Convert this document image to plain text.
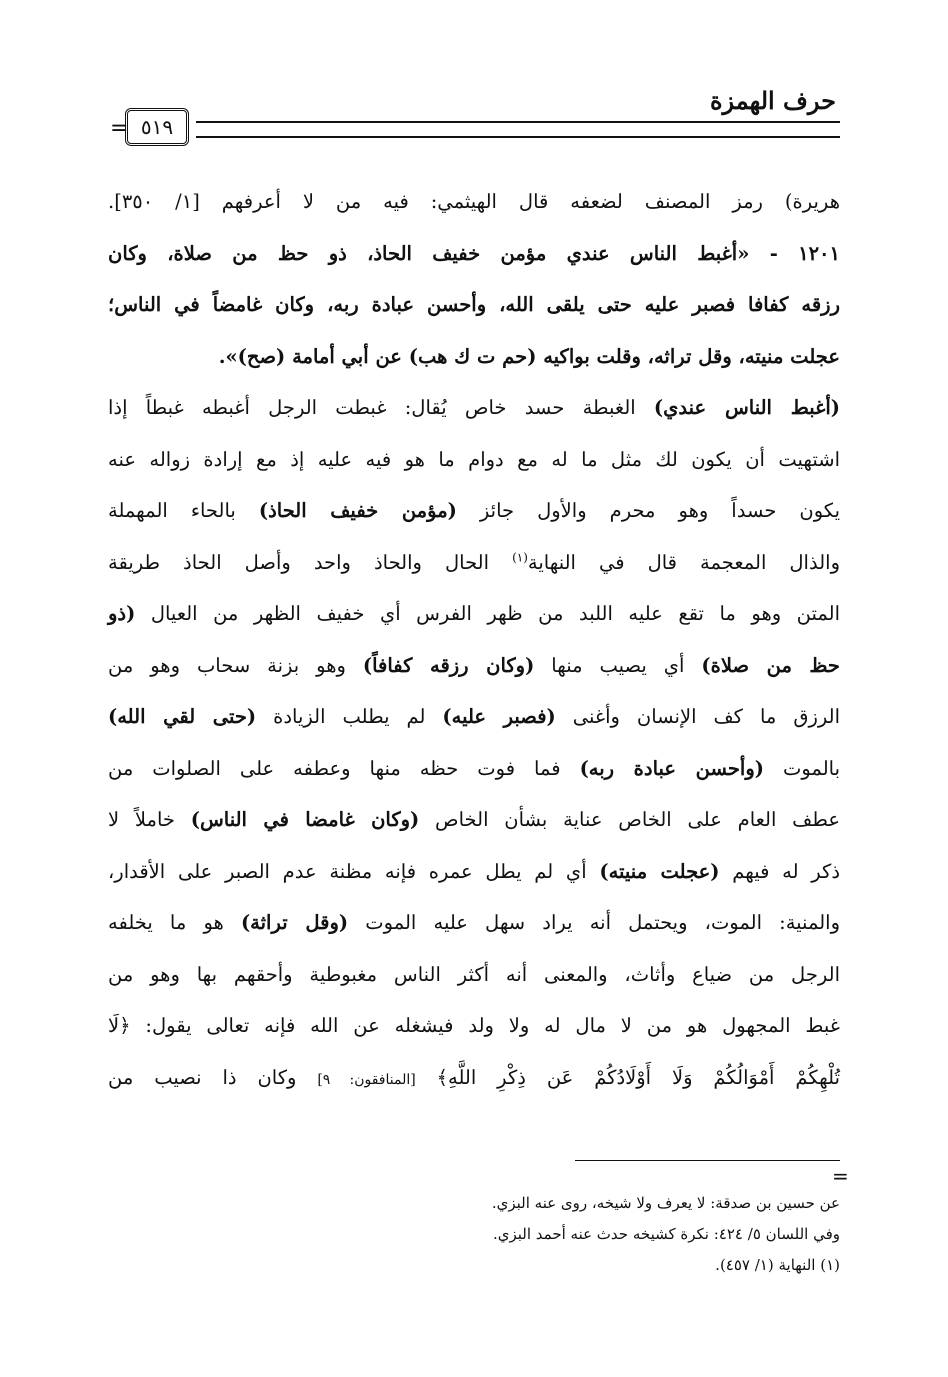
حرف الهمزة
= ٥١٩
هريرة) رمز المصنف لضعفه قال الهيثمي: فيه من لا أعرفهم [١/ ٣٥٠].
١٢٠١ - «أغبط الناس عندي مؤمن خفيف الحاذ، ذو حظ من صلاة، وكان
رزقه كفافا فصبر عليه حتى يلقى الله، وأحسن عبادة ربه، وكان غامضاً في الناس؛
عجلت منيته، وقل تراثه، وقلت بواكيه (حم ت ك هب) عن أبي أمامة (صح)».
(أغبط الناس عندي) الغبطة حسد خاص يُقال: غبطت الرجل أغبطه غبطاً إذا
اشتهيت أن يكون لك مثل ما له مع دوام ما هو فيه عليه إذ مع إرادة زواله عنه
يكون حسداً وهو محرم والأول جائز (مؤمن خفيف الحاذ) بالحاء المهملة
والذال المعجمة قال في النهاية$^{(١)}$ الحال والحاذ واحد وأصل الحاذ طريقة
المتن وهو ما تقع عليه اللبد من ظهر الفرس أي خفيف الظهر من العيال (ذو
حظ من صلاة) أي يصيب منها (وكان رزقه كفافاً) وهو بزنة سحاب وهو من
الرزق ما كف الإنسان وأغنى (فصبر عليه) لم يطلب الزيادة (حتى لقي الله)
بالموت (وأحسن عبادة ربه) فما فوت حظه منها وعطفه على الصلوات من
عطف العام على الخاص عناية بشأن الخاص (وكان غامضا في الناس) خاملاً لا
ذكر له فيهم (عجلت منيته) أي لم يطل عمره فإنه مظنة عدم الصبر على الأقدار،
والمنية: الموت، ويحتمل أنه يراد سهل عليه الموت (وقل تراثة) هو ما يخلفه
الرجل من ضياع وأثاث، والمعنى أنه أكثر الناس مغبوطية وأحقهم بها وهو من
غبط المجهول هو من لا مال له ولا ولد فيشغله عن الله فإنه تعالى يقول: ﴿لَا
تُلْهِكُمْ أَمْوَالُكُمْ وَلَا أَوْلَادُكُمْ عَن ذِكْرِ اللَّهِ﴾ [المنافقون: ٩] وكان ذا نصيب من
=
عن حسين بن صدقة: لا يعرف ولا شيخه، روى عنه البزي.
وفي اللسان ٥/ ٤٢٤: نكرة كشيخه حدث عنه أحمد البزي.
(١) النهاية (١/ ٤٥٧).
